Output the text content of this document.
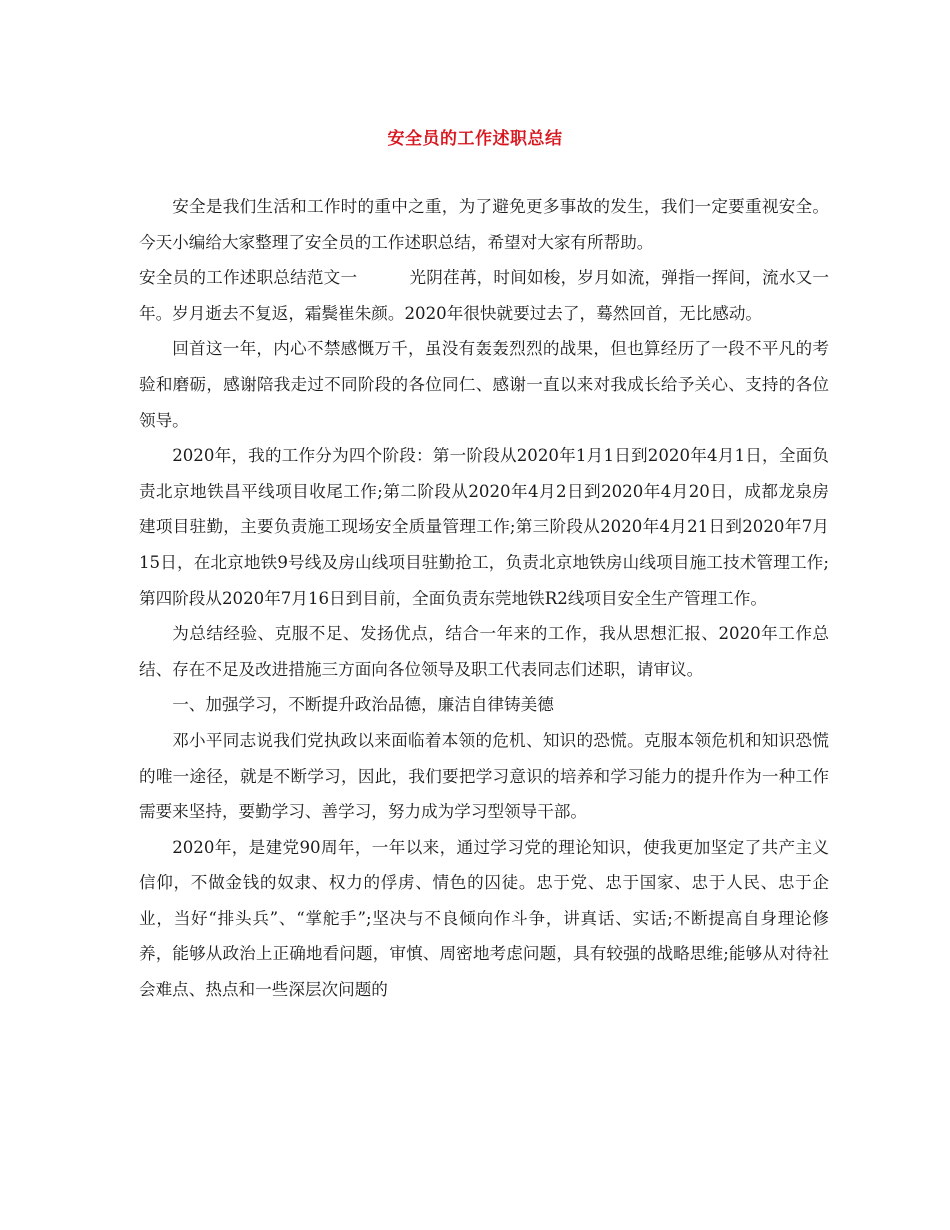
安全员的工作述职总结

安全是我们生活和工作时的重中之重，为了避免更多事故的发生，我们一定要重视安全。今天小编给大家整理了安全员的工作述职总结，希望对大家有所帮助。

安全员的工作述职总结范文一	光阴荏苒，时间如梭，岁月如流，弹指一挥间，流水又一年。岁月逝去不复返，霜鬓崔朱颜。2020年很快就要过去了，蓦然回首，无比感动。

回首这一年，内心不禁感慨万千，虽没有轰轰烈烈的战果，但也算经历了一段不平凡的考验和磨砺，感谢陪我走过不同阶段的各位同仁、感谢一直以来对我成长给予关心、支持的各位领导。

2020年，我的工作分为四个阶段：第一阶段从2020年1月1日到2020年4月1日，全面负责北京地铁昌平线项目收尾工作;第二阶段从2020年4月2日到2020年4月20日，成都龙泉房建项目驻勤，主要负责施工现场安全质量管理工作;第三阶段从2020年4月21日到2020年7月15日，在北京地铁9号线及房山线项目驻勤抢工，负责北京地铁房山线项目施工技术管理工作;第四阶段从2020年7月16日到目前，全面负责东莞地铁R2线项目安全生产管理工作。

为总结经验、克服不足、发扬优点，结合一年来的工作，我从思想汇报、2020年工作总结、存在不足及改进措施三方面向各位领导及职工代表同志们述职，请审议。

一、加强学习，不断提升政治品德，廉洁自律铸美德

邓小平同志说我们党执政以来面临着本领的危机、知识的恐慌。克服本领危机和知识恐慌的唯一途径，就是不断学习，因此，我们要把学习意识的培养和学习能力的提升作为一种工作需要来坚持，要勤学习、善学习，努力成为学习型领导干部。

2020年，是建党90周年，一年以来，通过学习党的理论知识，使我更加坚定了共产主义信仰，不做金钱的奴隶、权力的俘虏、情色的囚徒。忠于党、忠于国家、忠于人民、忠于企业，当好“排头兵”、“掌舵手”;坚决与不良倾向作斗争，讲真话、实话;不断提高自身理论修养，能够从政治上正确地看问题，审慎、周密地考虑问题，具有较强的战略思维;能够从对待社会难点、热点和一些深层次问题的
